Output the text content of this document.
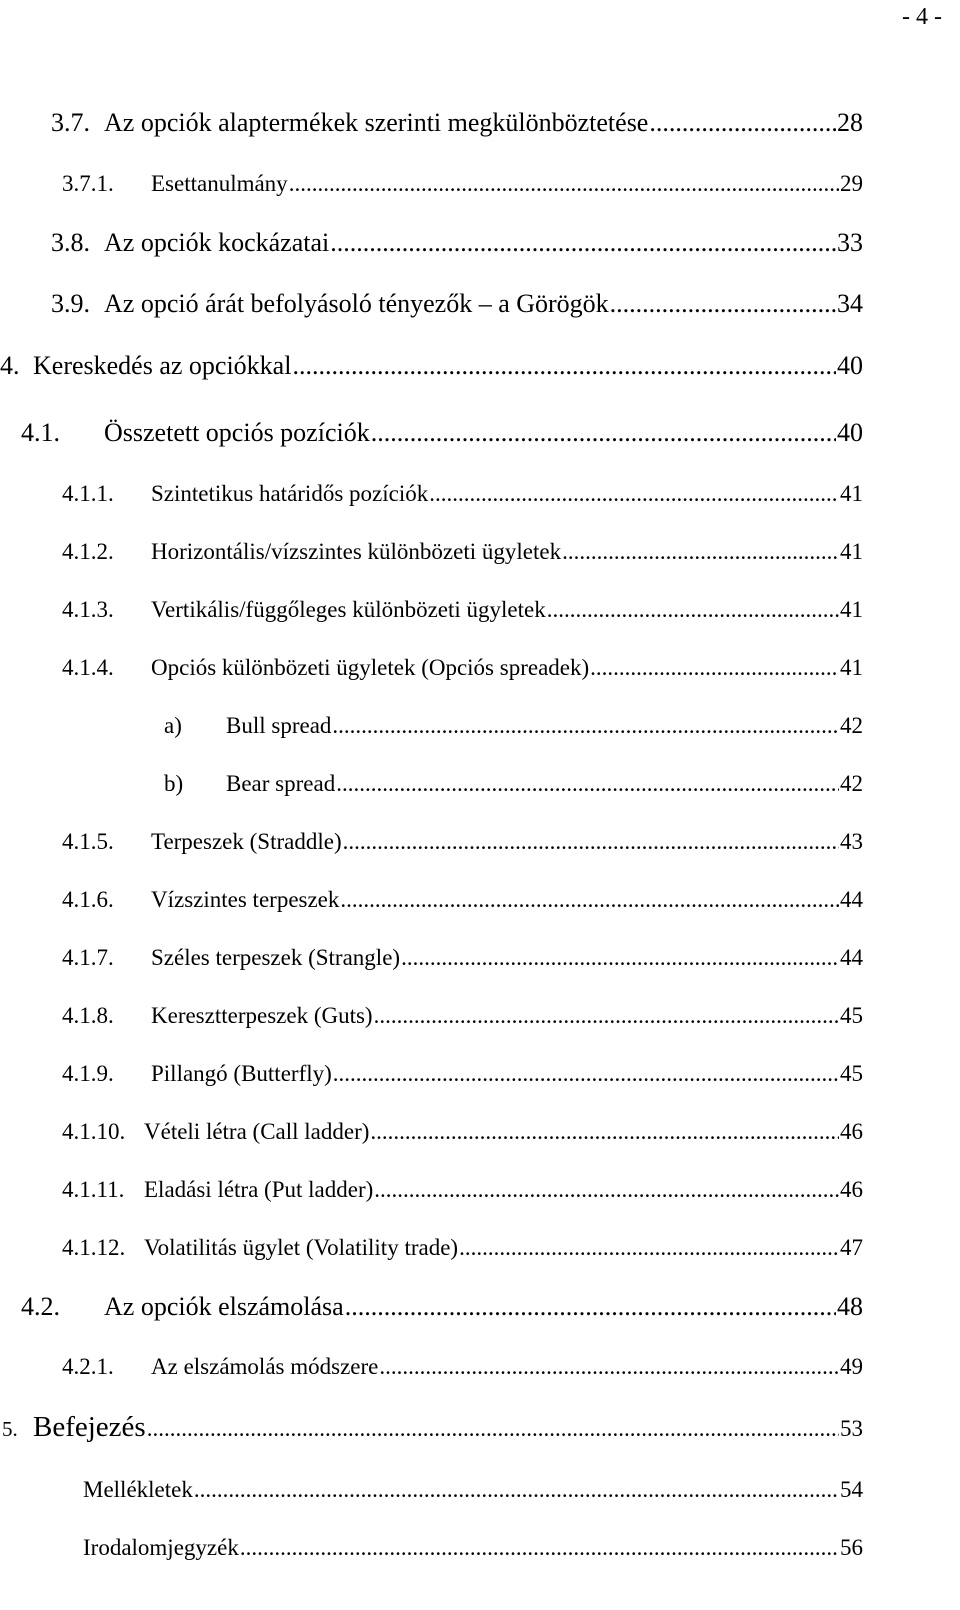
- 4 -
3.7. Az opciók alaptermékek szerinti megkülönböztetése .....	28
3.7.1.	Esettanulmány .....	29
3.8. Az opciók kockázatai .....	33
3.9. Az opció árát befolyásoló tényezők – a Görögök .....	34
4. Kereskedés az opciókkal .....	40
4.1.	Összetett opciós pozíciók .....	40
4.1.1.	Szintetikus határidős pozíciók .....	41
4.1.2.	Horizontális/vízszintes különbözeti ügyletek .....	41
4.1.3.	Vertikális/függőleges különbözeti ügyletek .....	41
4.1.4.	Opciós különbözeti ügyletek (Opciós spreadek) .....	41
a)	Bull spread .....	42
b)	Bear spread .....	42
4.1.5.	Terpeszek (Straddle) .....	43
4.1.6.	Vízszintes terpeszek .....	44
4.1.7.	Széles terpeszek (Strangle) .....	44
4.1.8.	Keresztterpeszek (Guts) .....	45
4.1.9.	Pillangó (Butterfly) .....	45
4.1.10. Vételi létra (Call ladder) .....	46
4.1.11. Eladási létra (Put ladder) .....	46
4.1.12. Volatilitás ügylet (Volatility trade) .....	47
4.2.	Az opciók elszámolása .....	48
4.2.1.	Az elszámolás módszere .....	49
5. Befejezés .....	53
Mellékletek .....	54
Irodalomjegyzék .....	56
